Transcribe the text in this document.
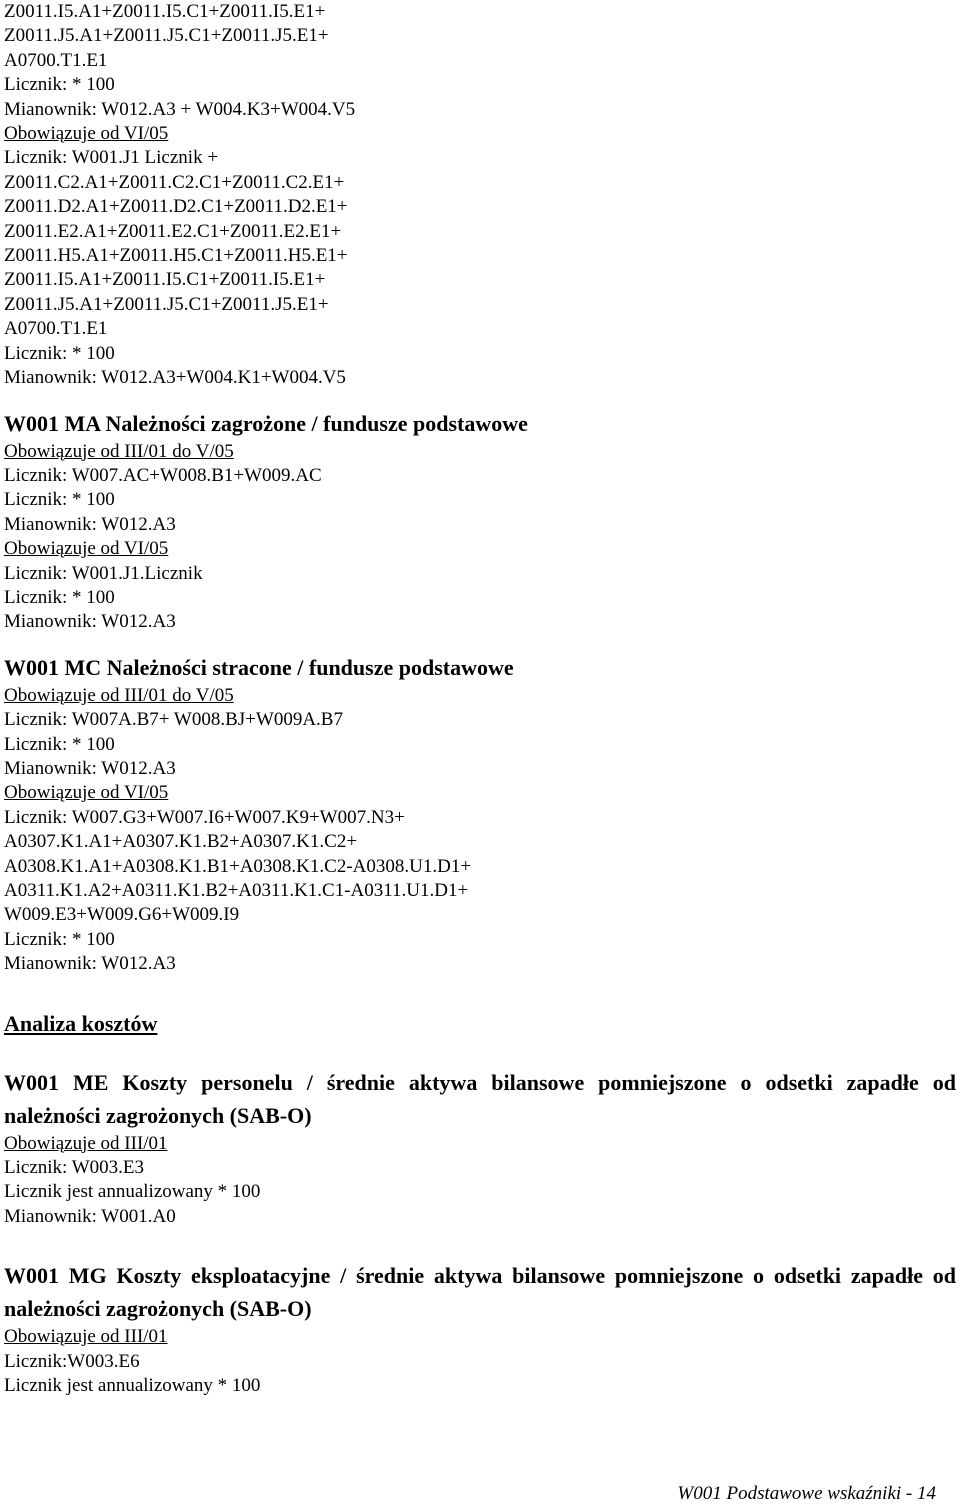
Z0011.I5.A1+Z0011.I5.C1+Z0011.I5.E1+
Z0011.J5.A1+Z0011.J5.C1+Z0011.J5.E1+
A0700.T1.E1
Licznik: * 100
Mianownik: W012.A3 + W004.K3+W004.V5
Obowiązuje od VI/05
Licznik: W001.J1 Licznik +
Z0011.C2.A1+Z0011.C2.C1+Z0011.C2.E1+
Z0011.D2.A1+Z0011.D2.C1+Z0011.D2.E1+
Z0011.E2.A1+Z0011.E2.C1+Z0011.E2.E1+
Z0011.H5.A1+Z0011.H5.C1+Z0011.H5.E1+
Z0011.I5.A1+Z0011.I5.C1+Z0011.I5.E1+
Z0011.J5.A1+Z0011.J5.C1+Z0011.J5.E1+
A0700.T1.E1
Licznik: * 100
Mianownik: W012.A3+W004.K1+W004.V5
W001 MA Należności zagrożone / fundusze podstawowe
Obowiązuje od III/01 do V/05
Licznik: W007.AC+W008.B1+W009.AC
Licznik: * 100
Mianownik: W012.A3
Obowiązuje od VI/05
Licznik: W001.J1.Licznik
Licznik: * 100
Mianownik: W012.A3
W001 MC Należności stracone / fundusze podstawowe
Obowiązuje od III/01 do V/05
Licznik: W007A.B7+ W008.BJ+W009A.B7
Licznik: * 100
Mianownik: W012.A3
Obowiązuje od VI/05
Licznik: W007.G3+W007.I6+W007.K9+W007.N3+
A0307.K1.A1+A0307.K1.B2+A0307.K1.C2+
A0308.K1.A1+A0308.K1.B1+A0308.K1.C2-A0308.U1.D1+
A0311.K1.A2+A0311.K1.B2+A0311.K1.C1-A0311.U1.D1+
W009.E3+W009.G6+W009.I9
Licznik: * 100
Mianownik: W012.A3
Analiza kosztów
W001 ME Koszty personelu / średnie aktywa bilansowe pomniejszone o odsetki zapadłe od należności zagrożonych (SAB-O)
Obowiązuje od III/01
Licznik: W003.E3
Licznik jest annualizowany * 100
Mianownik: W001.A0
W001 MG Koszty eksploatacyjne / średnie aktywa bilansowe pomniejszone o odsetki zapadłe od należności zagrożonych (SAB-O)
Obowiązuje od III/01
Licznik:W003.E6
Licznik jest annualizowany * 100
W001 Podstawowe wskaźniki - 14
